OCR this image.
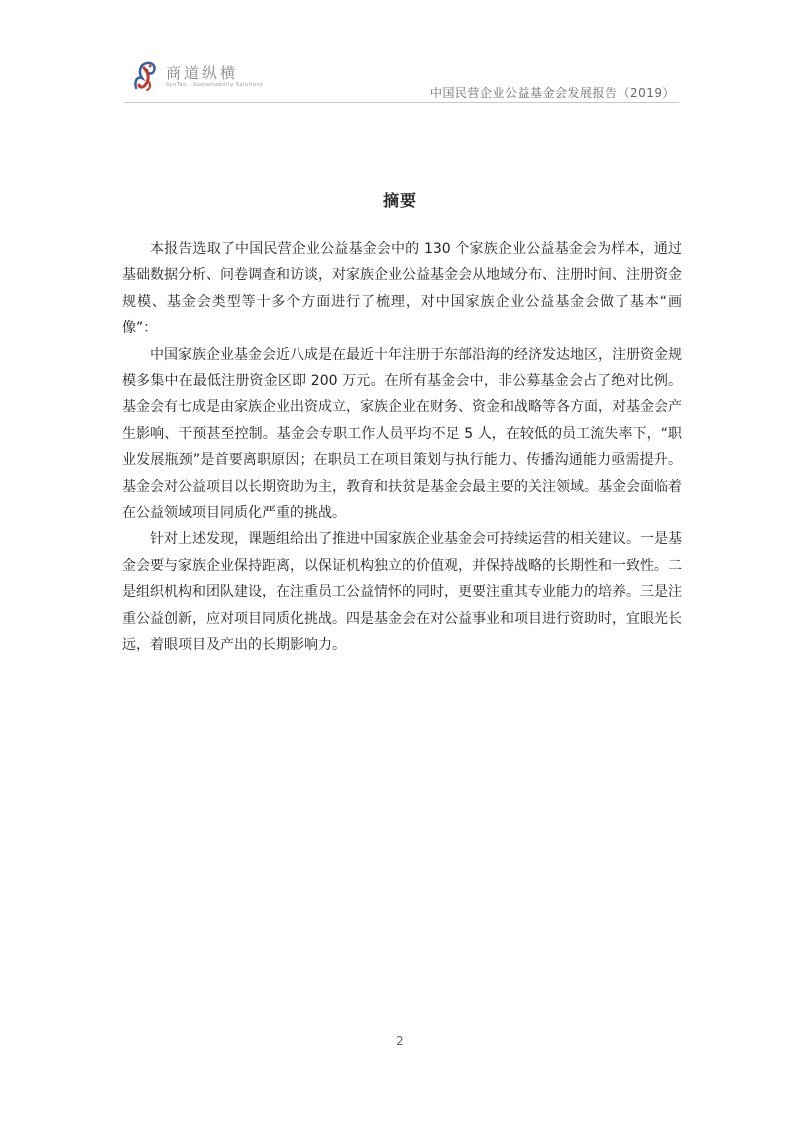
商道纵横
SynTao · Sustainability Solutions
中国民营企业公益基金会发展报告（2019）
摘要

本报告选取了中国民营企业公益基金会中的 130 个家族企业公益基金会为样本，通过基础数据分析、问卷调查和访谈，对家族企业公益基金会从地域分布、注册时间、注册资金规模、基金会类型等十多个方面进行了梳理，对中国家族企业公益基金会做了基本“画像”：

中国家族企业基金会近八成是在最近十年注册于东部沿海的经济发达地区，注册资金规模多集中在最低注册资金区即 200 万元。在所有基金会中，非公募基金会占了绝对比例。基金会有七成是由家族企业出资成立，家族企业在财务、资金和战略等各方面，对基金会产生影响、干预甚至控制。基金会专职工作人员平均不足 5 人，在较低的员工流失率下，“职业发展瓶颈”是首要离职原因；在职员工在项目策划与执行能力、传播沟通能力亟需提升。基金会对公益项目以长期资助为主，教育和扶贫是基金会最主要的关注领域。基金会面临着在公益领域项目同质化严重的挑战。

针对上述发现，课题组给出了推进中国家族企业基金会可持续运营的相关建议。一是基金会要与家族企业保持距离，以保证机构独立的价值观，并保持战略的长期性和一致性。二是组织机构和团队建设，在注重员工公益情怀的同时，更要注重其专业能力的培养。三是注重公益创新，应对项目同质化挑战。四是基金会在对公益事业和项目进行资助时，宜眼光长远，着眼项目及产出的长期影响力。

2
